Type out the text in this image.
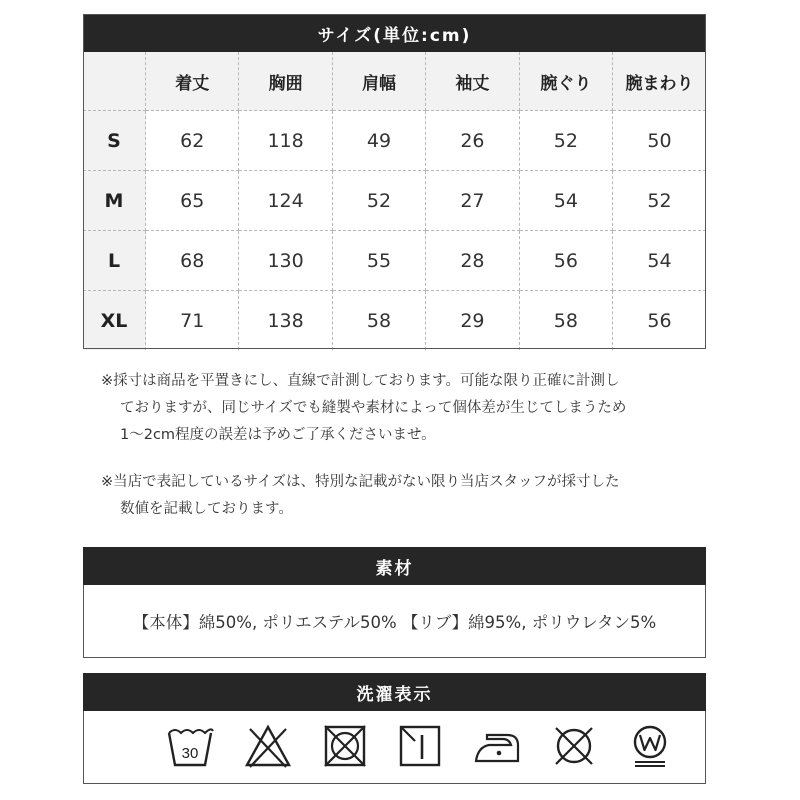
サイズ(単位:cm)
	着丈	胸囲	肩幅	袖丈	腕ぐり	腕まわり
S	62	118	49	26	52	50
M	65	124	52	27	54	52
L	68	130	55	28	56	54
XL	71	138	58	29	58	56
※採寸は商品を平置きにし、直線で計測しております。可能な限り正確に計測し
ておりますが、同じサイズでも縫製や素材によって個体差が生じてしまうため
1〜2cm程度の誤差は予めご了承くださいませ。
※当店で表記しているサイズは、特別な記載がない限り当店スタッフが採寸した
数値を記載しております。
素材
【本体】綿50%, ポリエステル50% 【リブ】綿95%, ポリウレタン5%
洗濯表示
30
